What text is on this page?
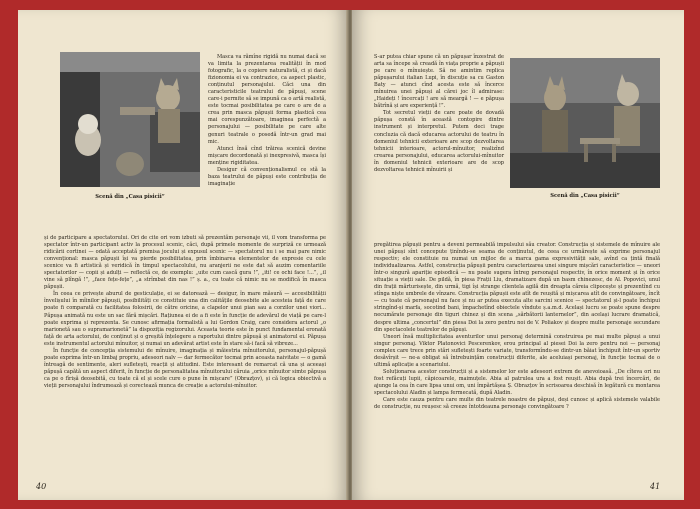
Scenă din „Casa pisicii”

Masca va rămîne rigidă nu numai dacă se va limita la prezentarea realității în mod fotografic, la o copiere naturalistă, ci și dacă fizionomia ei va contrazice, ca aspect plastic, conținutul personajului. Căci una din caracteristicile teatrului de păpuși, scene care-i permite să se impună ca o artă realistă, este tocmai posibilitatea pe care o are de a crea prin masca păpușii forma plastică cea mai corespunzătoare, imaginea perfectă a personajului — posibilitate pe care alte genuri teatrale o posedă într-un grad mai mic.

Atunci însă cînd trăirea scenică devine mișcare decordonată și inexpresivă, masca își menține rigiditatea.

Desigur că convenționalismul ce stă la baza teatrului de păpuși este contribuția de imaginație

și de participare a spectatorului. Ori de cite ori vom izbuti să prezentăm personaje vii, il vom transforma pe spectator într-un participant activ la procesul scenic, căci, după primele momente de surpriză ce urmează ridicării cortinei — odată acceptată premisa jocului și expusul scenic — spectatorul nu i se mai pare nimic convențional: masca păpușii își va pierde posibilitatea, prin îmbinarea elementelor de expresie cu cele scenice va fi artistică și veridică în timpul spectacolului, nu aranjerii ne este dat să auzim comentariile spectatorilor — copii și adulți — reflectă ce, de exemplu: „uite cum cască gura !”, „iti! ce ochi face !...”, „il vine să plîngă !”, „face fețe-fețe”, „a strîmbat din nas !” ș. a., cu toate că nimic nu se modifică în masca păpușii.

În ceea ce privește aburul de gesticulație, ei se datorează — desigur, în mare măsură — accesibilității învelișului în mîinilor păpușii, posibilități ce constituie una din calitățile deosebite ale acesteia față de care poate fi comparată cu facilitatea folosirii, de către oricine, a clapelor unui pian sau a corzilor unei viori... Păpușa animată nu este un sac fără mișcări. Rațiunea ei de a fi este în funcție de adevărul de viață pe care-l poate exprima și reprezenta. Se cunosc afirmația formalistă a lui Gordon Craig, care considera actorul „o marionetă sau o supramarionetă” la dispoziția regizorului. Aceasta teorie este în punct fundamental eronată față de arta actorului, de conținut și o greșită înțelegere a raportului dintre păpușă și animatorul ei. Păpușa este instrumentul actorului mînuitor, și numai un adevărat artist este în stare să-i facă să vibreze...

În funcție de concepția sistemului de mînuire, imaginația și măiestria mînuitorului, personajul-păpușă poate exprima într-un limbaj propriu, adeseori nalv — dar fermecător tocmai prin aceasta naivitate — o gamă întreagă de sentimente, aleri sufletești, reacții și atitudini. Este interesant de remarcat că una și aceeași păpușă capătă un aspect diferit, în funcție de personalitatea mînuitorului căruia „orice mînuitor simte păpușa ca pe o fîrișă deosebită, cu toate că el și scele cure o pune în mișcare” (Obrazțov), și că logica obiectivă a vieții personajului îndrumează și corectează munca de creație a actorului-mînuitor.

40

S-ar putea chiar spune că un păpușar înzestrat de arta sa începe să creadă în viața proprie a păpușii pe care o mînuiește. Să ne amintim replica păpușarului italian Lupi, în discuție sa cu Gaston Baty — atunci cînd acesta este să încerce mînuirea unei păpuși al cărei joc îl admirase: „Haideți ! încercați ! are să meargă ! — e păpușa bătrînă și are experiență !”.

Tot secretul vieții de care poate de dovadă păpușa constă în această contopire dintre instrument și interpretul. Putem deci trage concluzia că dacă educarea actorului de teatru în domeniul tehnicii exterioare are scop dezvoltarea tehnicii interioare, actorul-mînuitor, realizînd crearea personajului, educarea actorului-mînuitor în domeniul tehnicii exterioare are de scop dezvoltarea tehnicii mînuirii și

Scenă din „Casa pisicii”

pregătirea păpușii pentru a deveni permeabilă impulsului său creator. Construcția și sistemele de mînuire ale unei păpuși sînt concepute ținîndu-se seama de conținutul, de ceea ce urmărește să exprime personajul respectiv; ele constituie nu numai un mijloc de a marca gama expresivității sale, avînd ca țintă finală individualizarea. Astfel, construcția păpușii pentru caracterizarea unei singure mișcări caracteristice — uneori într-o singură apariție episodică — nu poate sugera întreg personajul respectiv, în orice moment și în orice situație a vieții sale. De pildă, în piesa Frații Liu, dramatizare după un basm chinezesc, de Al. Popovici, unul din frații mărturisește, din urmă, tigi își strange clientela agilă din dreapta căreia clipocește și prezentînd cu stînga niște umbrele de vînzare. Construcția păpușii este atît de reușită și mișcarea atît de convingătoare, încît — cu toate că personajul nu face și nu ar putea executa alte sarcini scenice — spectatorul și-l poate închipui stringînd-și marfa, socotind bani, împachetînd obiectele vîndute ș.a.m.d. Același lucru se poate spune despre necumărate personaje din tiguri chinez și din scena „sărbătorii lanternelor”, din același lucrare dramatică, despre ultima „concertul” din piesa Doi la zero pentru noi de V. Poliakov și despre multe personaje secundare din spectacolele teatrelor de păpuși.

Uneori însă multiplicitatea aventurilor unui personaj determină construirea pe mai multe păpuși a unui singur personaj. Viktor Platonovici Pescerenkov, erou principal al piesei Doi la zero pentru noi — personaj complex care trece prin stări sufletești foarte variate, transformîndu-se dintr-un băiat închipuit într-un sportiv desăvîrșit — ne-a obligat să întrebuințăm construcții diferite, ale aceluiași personaj, în funcție tocmai de o ultimă aplicație a scenariului.

Soluționarea acestor construcții și a sistemelor lor este adeseori extrem de anevoioasă. „De cîteva ori nu fost refăcuți lupii, căpicoarele, maimuțele. Abia al patrulea ura a fost reușit. Abia după trei încercări, de ajunge la cea în care lipsa unui om, uni împărtășea Ș. Obrazțov în scrisoarea deschisă în legătură cu montarea spectacolului Aladin și lampa fermecată, după Aladin.

Care este cauza pentru care multe din teatrele noastre de păpuși, deși cunosc și aplică sistemele valabile de construcție, nu reușesc să creeze întotdeauna personaje convingătoare ?

41
